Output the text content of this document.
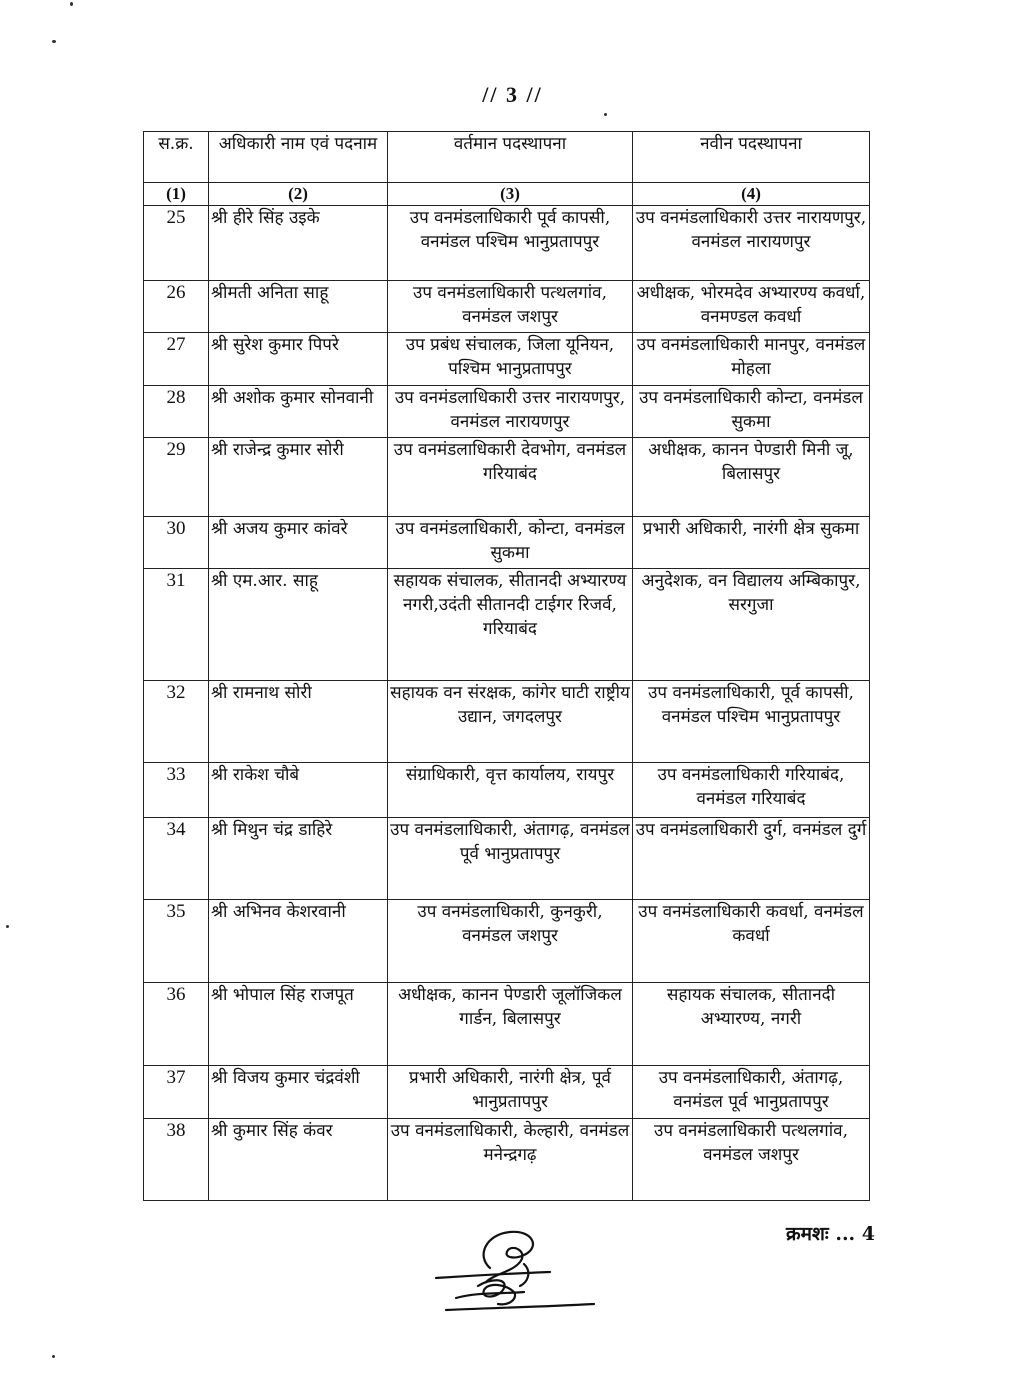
// 3 //
स.क्र.	अधिकारी नाम एवं पदनाम	वर्तमान पदस्थापना	नवीन पदस्थापना
(1)	(2)	(3)	(4)
25	श्री हीरे सिंह उइके	उप वनमंडलाधिकारी पूर्व कापसी, वनमंडल पश्चिम भानुप्रतापपुर	उप वनमंडलाधिकारी उत्तर नारायणपुर, वनमंडल नारायणपुर
26	श्रीमती अनिता साहू	उप वनमंडलाधिकारी पत्थलगांव, वनमंडल जशपुर	अधीक्षक, भोरमदेव अभ्यारण्य कवर्धा, वनमण्डल कवर्धा
27	श्री सुरेश कुमार पिपरे	उप प्रबंध संचालक, जिला यूनियन, पश्चिम भानुप्रतापपुर	उप वनमंडलाधिकारी मानपुर, वनमंडल मोहला
28	श्री अशोक कुमार सोनवानी	उप वनमंडलाधिकारी उत्तर नारायणपुर, वनमंडल नारायणपुर	उप वनमंडलाधिकारी कोन्टा, वनमंडल सुकमा
29	श्री राजेन्द्र कुमार सोरी	उप वनमंडलाधिकारी देवभोग, वनमंडल गरियाबंद	अधीक्षक, कानन पेण्डारी मिनी जू, बिलासपुर
30	श्री अजय कुमार कांवरे	उप वनमंडलाधिकारी, कोन्टा, वनमंडल सुकमा	प्रभारी अधिकारी, नारंगी क्षेत्र सुकमा
31	श्री एम.आर. साहू	सहायक संचालक, सीतानदी अभ्यारण्य नगरी,उदंती सीतानदी टाईगर रिजर्व, गरियाबंद	अनुदेशक, वन विद्यालय अम्बिकापुर, सरगुजा
32	श्री रामनाथ सोरी	सहायक वन संरक्षक, कांगेर घाटी राष्ट्रीय उद्यान, जगदलपुर	उप वनमंडलाधिकारी, पूर्व कापसी, वनमंडल पश्चिम भानुप्रतापपुर
33	श्री राकेश चौबे	संग्राधिकारी, वृत्त कार्यालय, रायपुर	उप वनमंडलाधिकारी गरियाबंद, वनमंडल गरियाबंद
34	श्री मिथुन चंद्र डाहिरे	उप वनमंडलाधिकारी, अंतागढ़, वनमंडल पूर्व भानुप्रतापपुर	उप वनमंडलाधिकारी दुर्ग, वनमंडल दुर्ग
35	श्री अभिनव केशरवानी	उप वनमंडलाधिकारी, कुनकुरी, वनमंडल जशपुर	उप वनमंडलाधिकारी कवर्धा, वनमंडल कवर्धा
36	श्री भोपाल सिंह राजपूत	अधीक्षक, कानन पेण्डारी जूलॉजिकल गार्डन, बिलासपुर	सहायक संचालक, सीतानदी अभ्यारण्य, नगरी
37	श्री विजय कुमार चंद्रवंशी	प्रभारी अधिकारी, नारंगी क्षेत्र, पूर्व भानुप्रतापपुर	उप वनमंडलाधिकारी, अंतागढ़, वनमंडल पूर्व भानुप्रतापपुर
38	श्री कुमार सिंह कंवर	उप वनमंडलाधिकारी, केल्हारी, वनमंडल मनेन्द्रगढ़	उप वनमंडलाधिकारी पत्थलगांव, वनमंडल जशपुर
क्रमशः ... 4
